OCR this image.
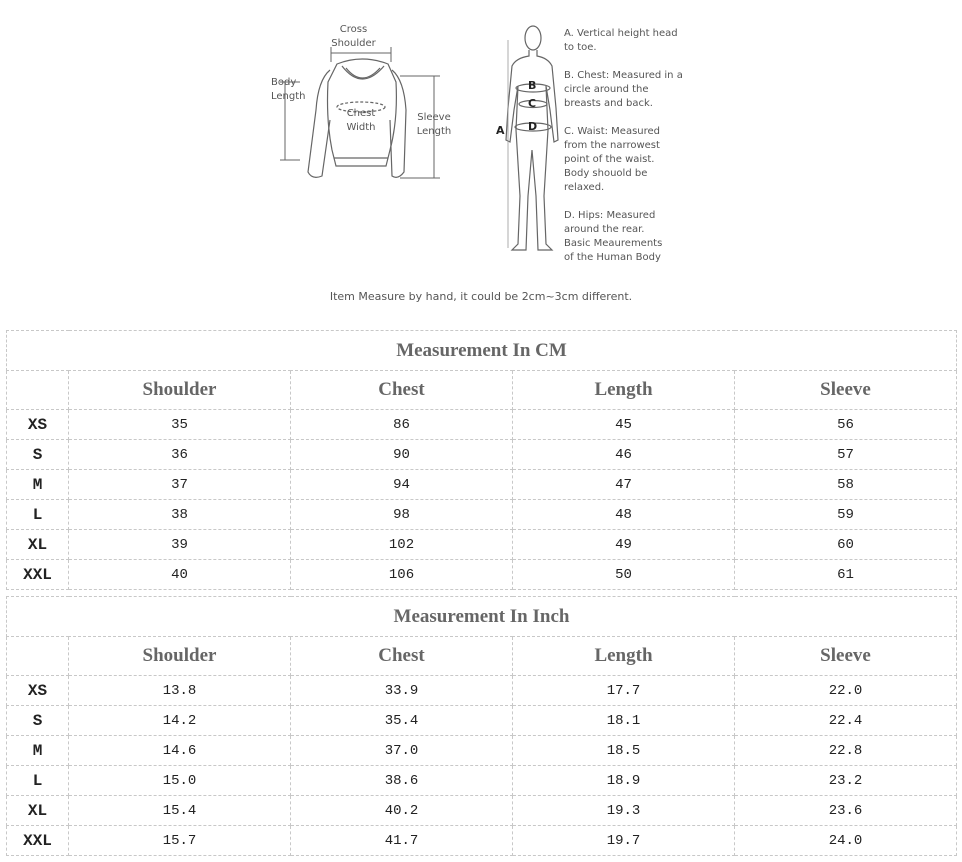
Cross
Shoulder
Body
Length
Chest
Width
Sleeve
Length	A
B
C
D

A. Vertical height head
to toe.

B. Chest: Measured in a
circle around the
breasts and back.

C. Waist: Measured
from the narrowest
point of the waist.
Body shouold be
relaxed.

D. Hips: Measured
around the rear.
Basic Meaurements
of the Human Body

Item Measure by hand, it could be 2cm~3cm different.
Measurement In CM				
	Shoulder	Chest	Length	Sleeve
XS	35	86	45	56
S	36	90	46	57
M	37	94	47	58
L	38	98	48	59
XL	39	102	49	60
XXL	40	106	50	61
Measurement In Inch				
	Shoulder	Chest	Length	Sleeve
XS	13.8	33.9	17.7	22.0
S	14.2	35.4	18.1	22.4
M	14.6	37.0	18.5	22.8
L	15.0	38.6	18.9	23.2
XL	15.4	40.2	19.3	23.6
XXL	15.7	41.7	19.7	24.0
